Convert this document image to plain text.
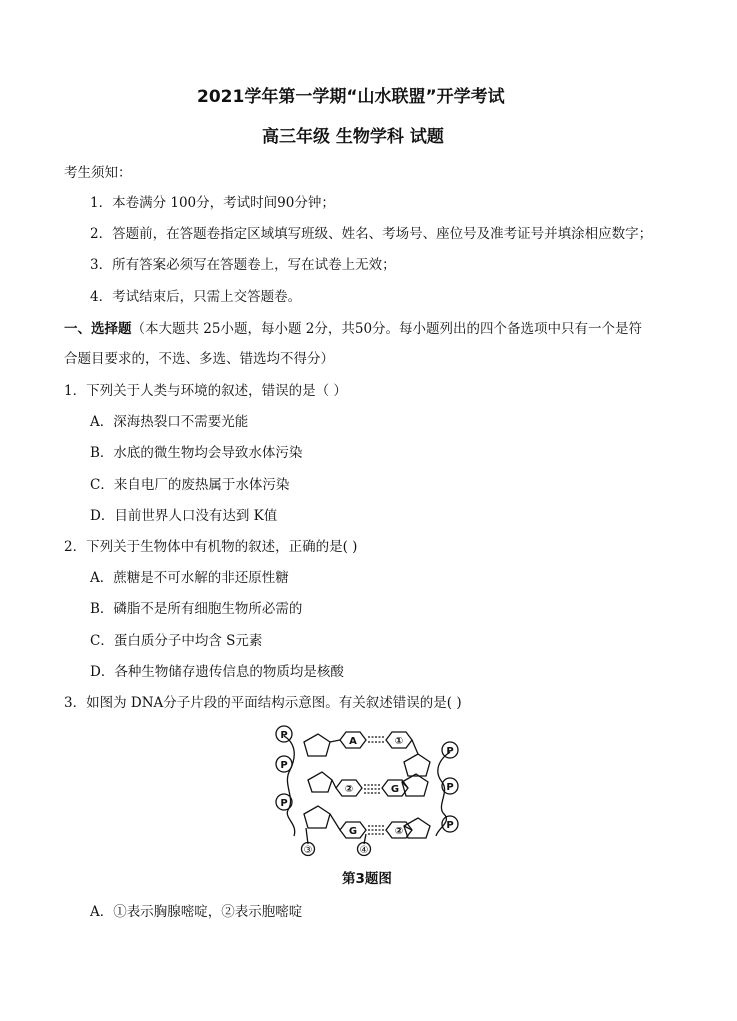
2021学年第一学期“山水联盟”开学考试
高三年级 生物学科 试题
考生须知：
1．本卷满分 100分，考试时间90分钟；
2．答题前，在答题卷指定区域填写班级、姓名、考场号、座位号及准考证号并填涂相应数字；
3．所有答案必须写在答题卷上，写在试卷上无效；
4．考试结束后，只需上交答题卷。
一、选择题（本大题共 25小题，每小题 2分，共50分。每小题列出的四个备选项中只有一个是符
合题目要求的，不选、多选、错选均不得分）
1．下列关于人类与环境的叙述，错误的是（ ）
A．深海热裂口不需要光能
B．水底的微生物均会导致水体污染
C．来自电厂的废热属于水体污染
D．目前世界人口没有达到 K值
2．下列关于生物体中有机物的叙述，正确的是( )
A．蔗糖是不可水解的非还原性糖
B．磷脂不是所有细胞生物所必需的
C．蛋白质分子中均含 S元素
D．各种生物储存遗传信息的物质均是核酸
3．如图为 DNA分子片段的平面结构示意图。有关叙述错误的是( )
P
P
P
P
P
P
A	①
②	G
G	②
③	④
第3题图
A．①表示胸腺嘧啶，②表示胞嘧啶
